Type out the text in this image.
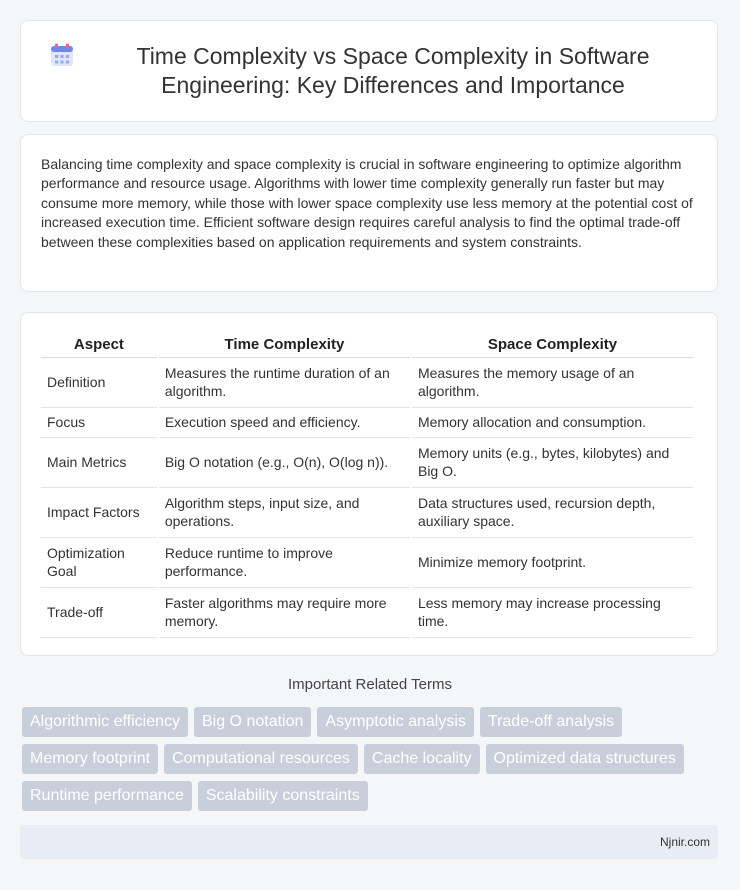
Time Complexity vs Space Complexity in Software Engineering: Key Differences and Importance

Balancing time complexity and space complexity is crucial in software engineering to optimize algorithm performance and resource usage. Algorithms with lower time complexity generally run faster but may consume more memory, while those with lower space complexity use less memory at the potential cost of increased execution time. Efficient software design requires careful analysis to find the optimal trade-off between these complexities based on application requirements and system constraints.

Aspect	Time Complexity	Space Complexity
Definition	Measures the runtime duration of an algorithm.	Measures the memory usage of an algorithm.
Focus	Execution speed and efficiency.	Memory allocation and consumption.
Main Metrics	Big O notation (e.g., O(n), O(log n)).	Memory units (e.g., bytes, kilobytes) and Big O.
Impact Factors	Algorithm steps, input size, and operations.	Data structures used, recursion depth, auxiliary space.
Optimization Goal	Reduce runtime to improve performance.	Minimize memory footprint.
Trade-off	Faster algorithms may require more memory.	Less memory may increase processing time.
Important Related Terms
Algorithmic efficiency	Big O notation	Asymptotic analysis	Trade-off analysis
Memory footprint	Computational resources	Cache locality	Optimized data structures
Runtime performance	Scalability constraints
Njnir.com
